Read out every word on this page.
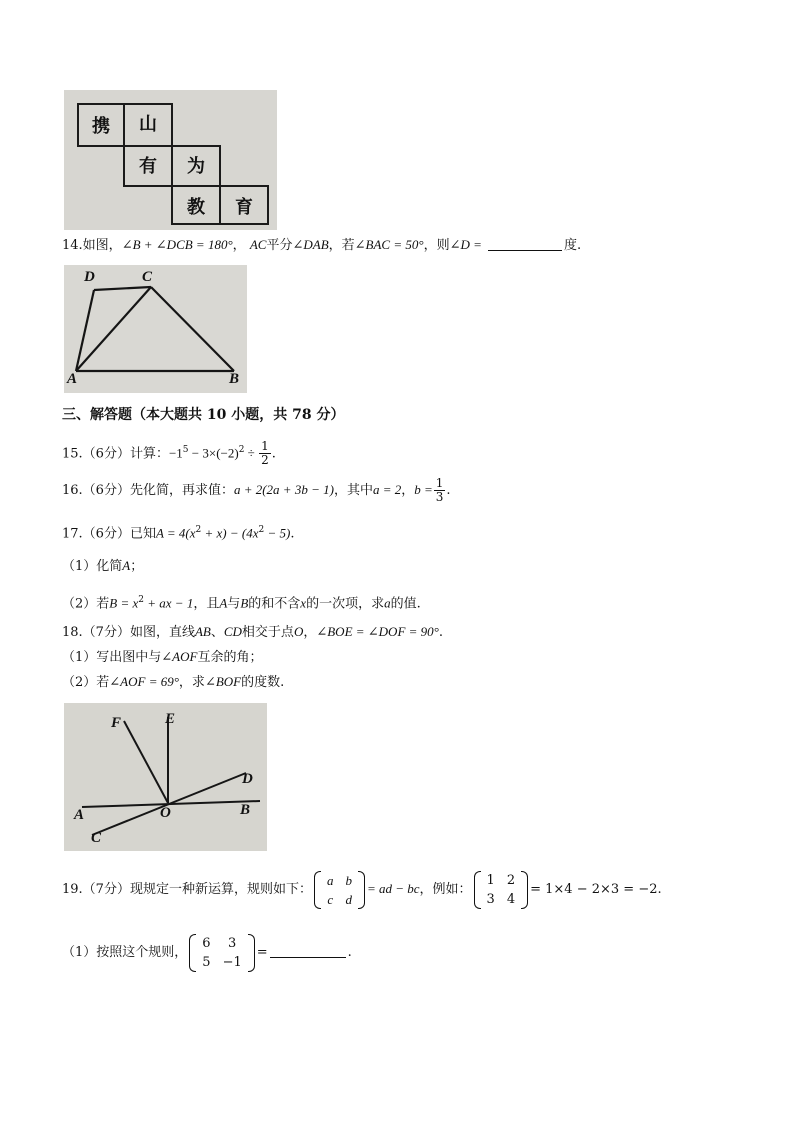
携	山
有	为
教	育
14.如图，∠B + ∠DCB = 180°， AC平分∠DAB，若∠BAC = 50°，则∠D =	度.
D	C
A	B
三、解答题（本大题共 10 小题，共 78 分）
15.（6分）计算：$-1^5 - 3\times(-2)^2 \div \frac{1}{2}$ .
16.（6分）先化简，再求值：a + 2(2a + 3b − 1)，其中a = 2，$b = \frac{1}{3}$ .
17.（6分）已知$A = 4(x^2 + x) - (4x^2 - 5)$.
（1）化简A；
（2）若$B = x^2$ + ax − 1，且A与B的和不含x的一次项，求a的值.
18.（7分）如图，直线AB、CD相交于点O，∠BOE = ∠DOF = 90°.
（1）写出图中与∠AOF互余的角；
（2）若∠AOF = 69°，求∠BOF的度数.
F	E
D
A	O	B
C
19.（7分）现规定一种新运算，规则如下：
a	b
c	d
= ad − bc，例如：
1	2
3	4
= 1×4 − 2×3 = −2.
（1）按照这个规则，
6	3
5	−1
=	.
